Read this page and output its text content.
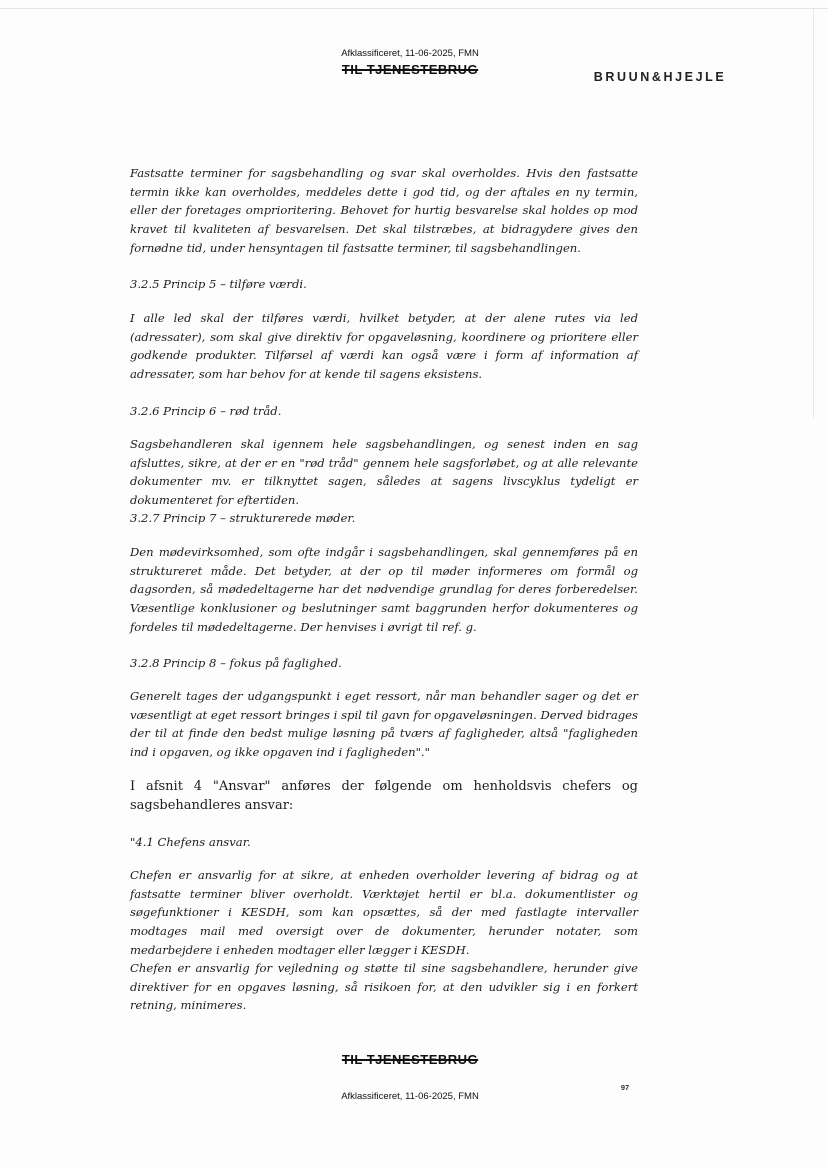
Afklassificeret, 11-06-2025, FMN
TIL TJENESTEBRUG	BRUUN&HJEJLE

Fastsatte terminer for sagsbehandling og svar skal overholdes. Hvis den fastsatte termin ikke kan overholdes, meddeles dette i god tid, og der aftales en ny termin, eller der foretages omprioritering. Behovet for hurtig besvarelse skal holdes op mod kravet til kvaliteten af besvarelsen. Det skal tilstræbes, at bidragydere gives den fornødne tid, under hensyntagen til fastsatte terminer, til sagsbehandlingen.

3.2.5 Princip 5 – tilføre værdi.

I alle led skal der tilføres værdi, hvilket betyder, at der alene rutes via led (adressater), som skal give direktiv for opgaveløsning, koordinere og prioritere eller godkende produkter. Tilførsel af værdi kan også være i form af information af adressater, som har behov for at kende til sagens eksistens.

3.2.6 Princip 6 – rød tråd.

Sagsbehandleren skal igennem hele sagsbehandlingen, og senest inden en sag afsluttes, sikre, at der er en "rød tråd" gennem hele sagsforløbet, og at alle relevante dokumenter mv. er tilknyttet sagen, således at sagens livscyklus tydeligt er dokumenteret for eftertiden.

3.2.7 Princip 7 – strukturerede møder.

Den mødevirksomhed, som ofte indgår i sagsbehandlingen, skal gennemføres på en struktureret måde. Det betyder, at der op til møder informeres om formål og dagsorden, så mødedeltagerne har det nødvendige grundlag for deres forberedelser. Væsentlige konklusioner og beslutninger samt baggrunden herfor dokumenteres og fordeles til mødedeltagerne. Der henvises i øvrigt til ref. g.

3.2.8 Princip 8 – fokus på faglighed.

Generelt tages der udgangspunkt i eget ressort, når man behandler sager og det er væsentligt at eget ressort bringes i spil til gavn for opgaveløsningen. Derved bidrages der til at finde den bedst mulige løsning på tværs af fagligheder, altså "fagligheden ind i opgaven, og ikke opgaven ind i fagligheden"."

I afsnit 4 "Ansvar" anføres der følgende om henholdsvis chefers og sagsbehandleres ansvar:

"4.1 Chefens ansvar.

Chefen er ansvarlig for at sikre, at enheden overholder levering af bidrag og at fastsatte terminer bliver overholdt. Værktøjet hertil er bl.a. dokumentlister og søgefunktioner i KESDH, som kan opsættes, så der med fastlagte intervaller modtages mail med oversigt over de dokumenter, herunder notater, som medarbejdere i enheden modtager eller lægger i KESDH.

Chefen er ansvarlig for vejledning og støtte til sine sagsbehandlere, herunder give direktiver for en opgaves løsning, så risikoen for, at den udvikler sig i en forkert retning, minimeres.

TIL TJENESTEBRUG
Afklassificeret, 11-06-2025, FMN
97
